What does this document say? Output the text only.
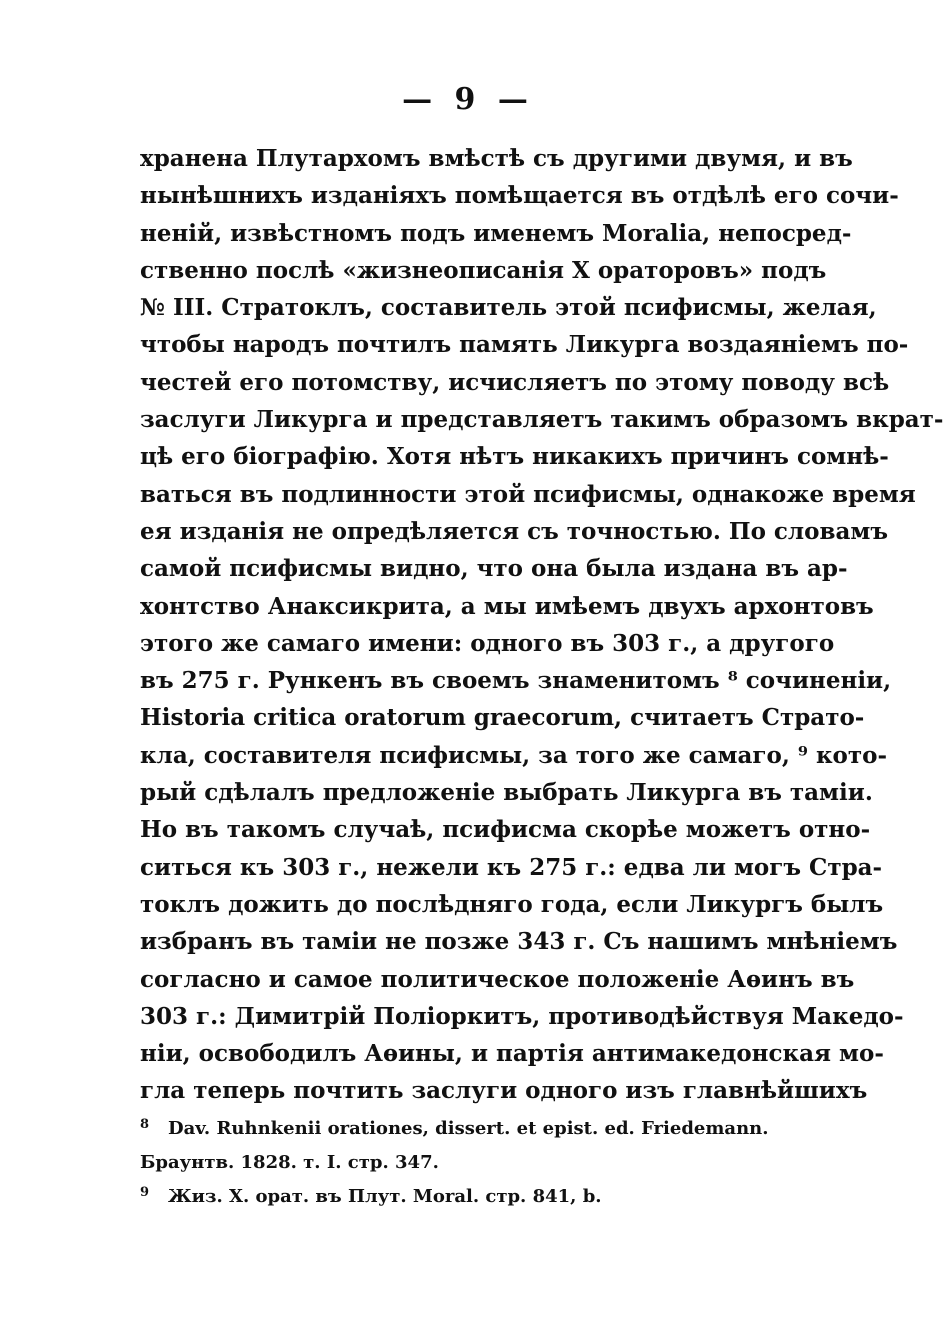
— 9 —
хранена Плутархомъ вмѣстѣ съ другими двумя, и въ
нынѣшнихъ изданіяхъ помѣщается въ отдѣлѣ его сочи-
неній, извѣстномъ подъ именемъ Moralia, непосред-
ственно послѣ «жизнеописанія X ораторовъ» подъ
№ III. Стратоклъ, составитель этой псифисмы, желая,
чтобы народъ почтилъ память Ликурга воздаяніемъ по-
честей его потомству, исчисляетъ по этому поводу всѣ
заслуги Ликурга и представляетъ такимъ образомъ вкрат-
цѣ его біографію. Хотя нѣтъ никакихъ причинъ сомнѣ-
ваться въ подлинности этой псифисмы, однакоже время
ея изданія не опредѣляется съ точностью. По словамъ
самой псифисмы видно, что она была издана въ ар-
хонтство Анаксикрита, а мы имѣемъ двухъ архонтовъ
этого же самаго имени: одного въ 303 г., а другого
въ 275 г. Рункенъ въ своемъ знаменитомъ ⁸ сочиненіи,
Historia critica oratorum graecorum, считаетъ Страто-
кла, составителя псифисмы, за того же самаго, ⁹ кото-
рый сдѣлалъ предложеніе выбрать Ликурга въ таміи.
Но въ такомъ случаѣ, псифисма скорѣе можетъ отно-
ситься къ 303 г., нежели къ 275 г.: едва ли могъ Стра-
токлъ дожить до послѣдняго года, если Ликургъ былъ
избранъ въ таміи не позже 343 г. Съ нашимъ мнѣніемъ
согласно и самое политическое положеніе Аѳинъ въ
303 г.: Димитрій Поліоркитъ, противодѣйствуя Македо-
ніи, освободилъ Аѳины, и партія антимакедонская мо-
гла теперь почтить заслуги одного изъ главнѣйшихъ
8 Dav. Ruhnkenii orationes, dissert. et epist. ed. Friedemann.
Браунтв. 1828. т. I. стр. 347.
9 Жиз. X. орат. въ Плут. Moral. стр. 841, b.
